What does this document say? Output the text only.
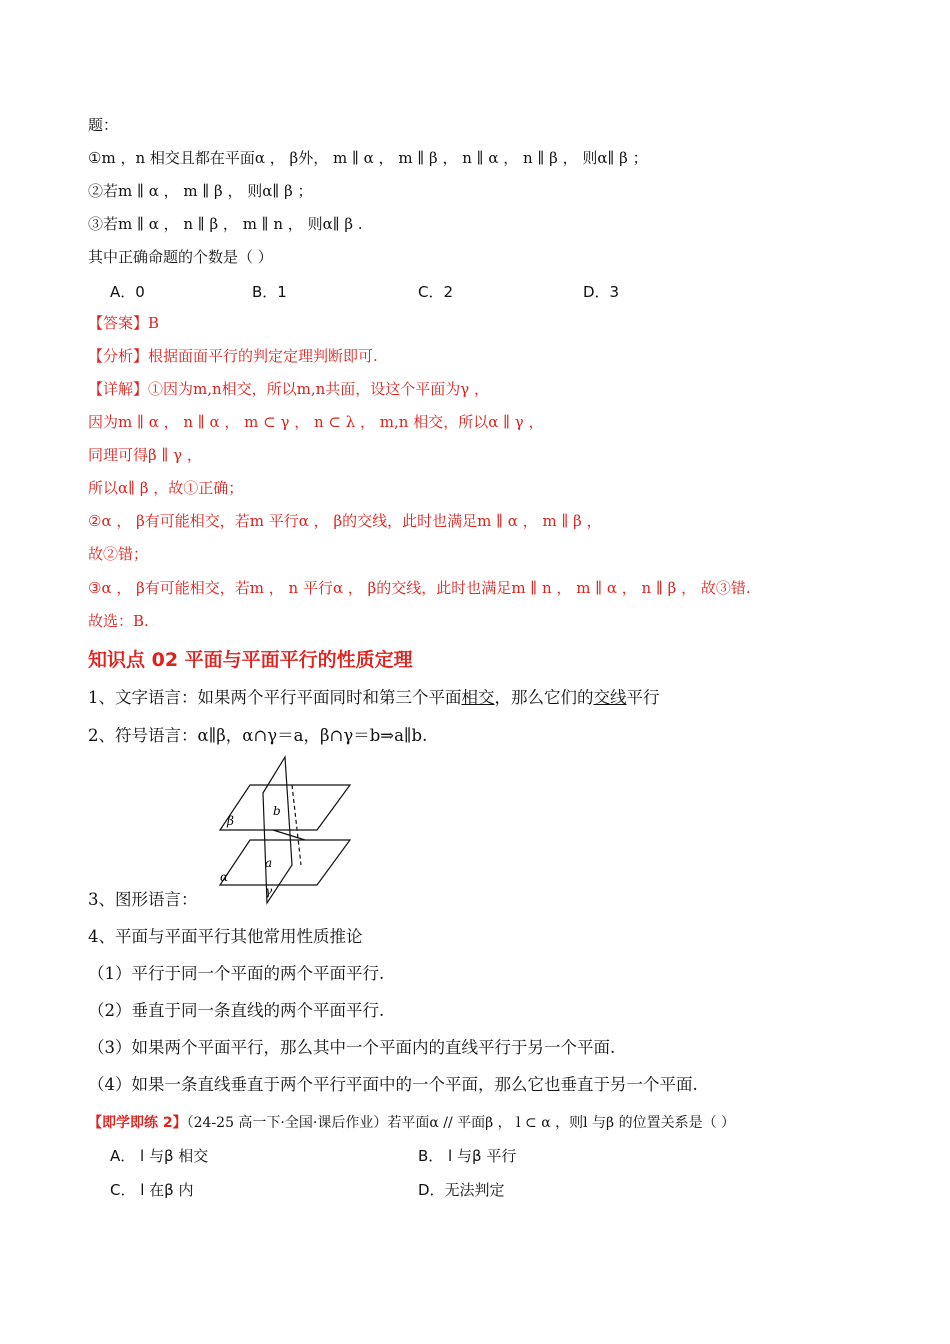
题：
①m ，n 相交且都在平面α ， β外， m ∥ α ， m ∥ β ， n ∥ α ， n ∥ β ， 则α∥ β ；
②若m ∥ α ， m ∥ β ， 则α∥ β ；
③若m ∥ α ， n ∥ β ， m ∥ n ， 则α∥ β .
其中正确命题的个数是（ ）
A．0	B．1	C．2	D．3
【答案】B
【分析】根据面面平行的判定定理判断即可.
【详解】①因为m,n相交，所以m,n共面，设这个平面为γ ，
因为m ∥ α ， n ∥ α ， m ⊂ γ ， n ⊂ λ ， m,n 相交，所以α ∥ γ ，
同理可得β ∥ γ ，
所以α∥ β ，故①正确；
②α ， β有可能相交，若m 平行α ， β的交线，此时也满足m ∥ α ， m ∥ β ，
故②错；
③α ， β有可能相交，若m ， n 平行α ， β的交线，此时也满足m ∥ n ， m ∥ α ， n ∥ β ， 故③错.
故选：B.
知识点 02 平面与平面平行的性质定理
1、文字语言：如果两个平行平面同时和第三个平面相交，那么它们的交线平行
2、符号语言：α∥β，α∩γ＝a，β∩γ＝b⇒a∥b.
β
b
a
α
γ
3、图形语言：
4、平面与平面平行其他常用性质推论
（1）平行于同一个平面的两个平面平行.
（2）垂直于同一条直线的两个平面平行.
（3）如果两个平面平行，那么其中一个平面内的直线平行于另一个平面.
（4）如果一条直线垂直于两个平行平面中的一个平面，那么它也垂直于另一个平面.
【即学即练 2】（24-25 高一下·全国·课后作业）若平面α // 平面β ， l ⊂ α ，则l 与β 的位置关系是（ ）
A． l 与β 相交	B． l 与β 平行
C． l 在β 内	D．无法判定
